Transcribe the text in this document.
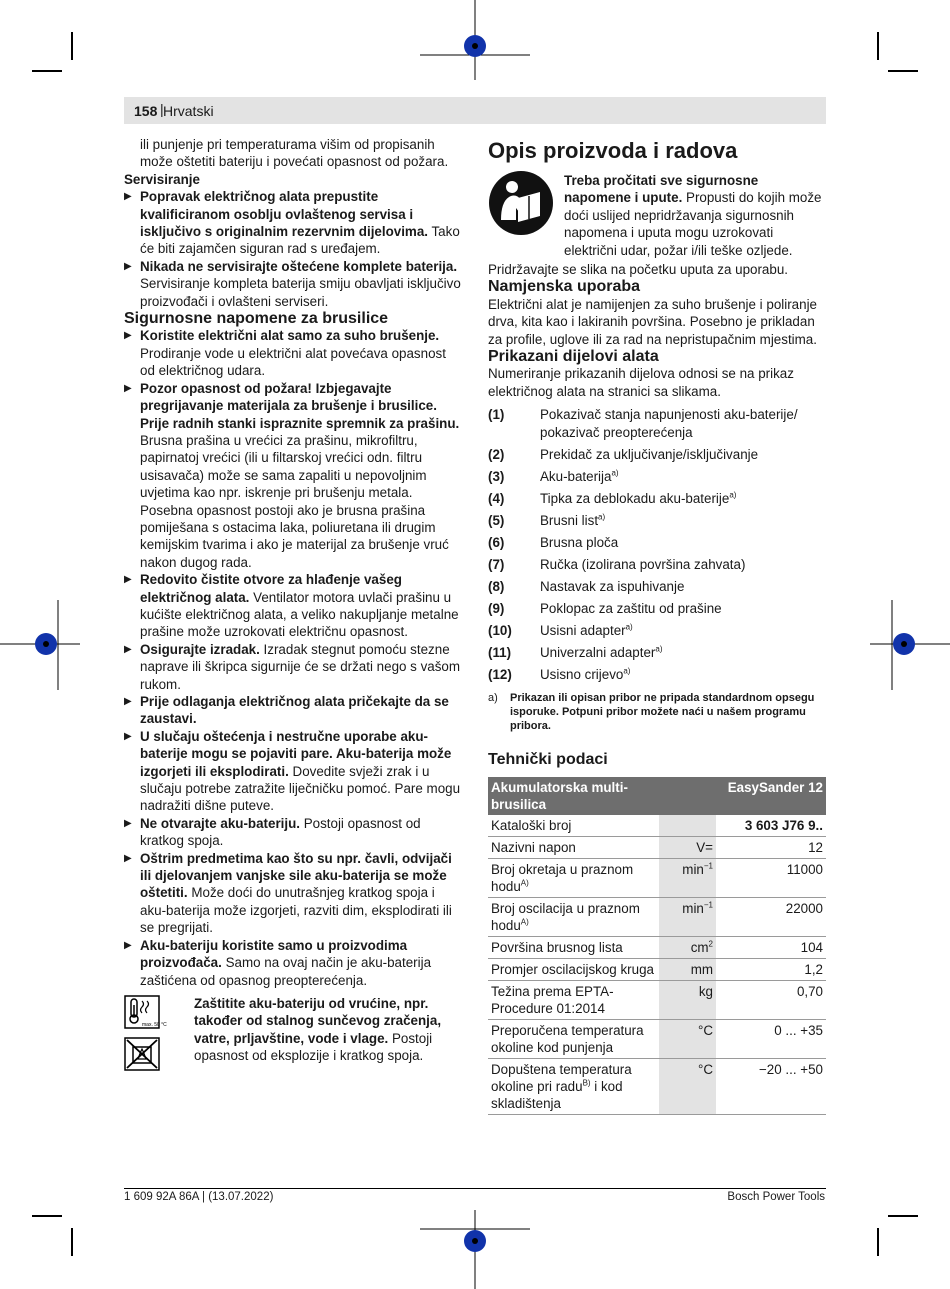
158 | Hrvatski

ili punjenje pri temperaturama višim od propisanih može oštetiti bateriju i povećati opasnost od požara.

Servisiranje

▶ Popravak električnog alata prepustite kvalificiranom osoblju ovlaštenog servisa i isključivo s originalnim rezervnim dijelovima. Tako će biti zajamčen siguran rad s uređajem.

▶ Nikada ne servisirajte oštećene komplete baterija. Servisiranje kompleta baterija smiju obavljati isključivo proizvođači i ovlašteni serviseri.

Sigurnosne napomene za brusilice

▶ Koristite električni alat samo za suho brušenje. Prodiranje vode u električni alat povećava opasnost od električnog udara.

▶ Pozor opasnost od požara! Izbjegavajte pregrijavanje materijala za brušenje i brusilice. Prije radnih stanki ispraznite spremnik za prašinu. Brusna prašina u vrećici za prašinu, mikrofiltru, papirnatoj vrećici (ili u filtarskoj vrećici odn. filtru usisavača) može se sama zapaliti u nepovoljnim uvjetima kao npr. iskrenje pri brušenju metala. Posebna opasnost postoji ako je brusna prašina pomiješana s ostacima laka, poliuretana ili drugim kemijskim tvarima i ako je materijal za brušenje vruć nakon dugog rada.

▶ Redovito čistite otvore za hlađenje vašeg električnog alata. Ventilator motora uvlači prašinu u kućište električnog alata, a veliko nakupljanje metalne prašine može uzrokovati električnu opasnost.

▶ Osigurajte izradak. Izradak stegnut pomoću stezne naprave ili škripca sigurnije će se držati nego s vašom rukom.

▶ Prije odlaganja električnog alata pričekajte da se zaustavi.

▶ U slučaju oštećenja i nestručne uporabe aku-baterije mogu se pojaviti pare. Aku-baterija može izgorjeti ili eksplodirati. Dovedite svježi zrak i u slučaju potrebe zatražite liječničku pomoć. Pare mogu nadražiti dišne puteve.

▶ Ne otvarajte aku-bateriju. Postoji opasnost od kratkog spoja.

▶ Oštrim predmetima kao što su npr. čavli, odvijači ili djelovanjem vanjske sile aku-baterija se može oštetiti. Može doći do unutrašnjeg kratkog spoja i aku-baterija može izgorjeti, razviti dim, eksplodirati ili se pregrijati.

▶ Aku-bateriju koristite samo u proizvodima proizvođača. Samo na ovaj način je aku-baterija zaštićena od opasnog preopterećenja.

max. 50 °C

Zaštitite aku-bateriju od vrućine, npr. također od stalnog sunčevog zračenja, vatre, prljavštine, vode i vlage. Postoji opasnost od eksplozije i kratkog spoja.

Opis proizvoda i radova

Treba pročitati sve sigurnosne napomene i upute. Propusti do kojih može doći uslijed nepridržavanja sigurnosnih napomena i uputa mogu uzrokovati električni udar, požar i/ili teške ozljede.

Pridržavajte se slika na početku uputa za uporabu.

Namjenska uporaba

Električni alat je namijenjen za suho brušenje i poliranje drva, kita kao i lakiranih površina. Posebno je prikladan za profile, uglove ili za rad na nepristupačnim mjestima.

Prikazani dijelovi alata

Numeriranje prikazanih dijelova odnosi se na prikaz električnog alata na stranici sa slikama.

(1)	Pokazivač stanja napunjenosti aku-baterije/ pokazivač preopterećenja
(2)	Prekidač za uključivanje/isključivanje
(3)	Aku-baterija$^{a)}$
(4)	Tipka za deblokadu aku-baterije$^{a)}$
(5)	Brusni list$^{a)}$
(6)	Brusna ploča
(7)	Ručka (izolirana površina zahvata)
(8)	Nastavak za ispuhivanje
(9)	Poklopac za zaštitu od prašine
(10)	Usisni adapter$^{a)}$
(11)	Univerzalni adapter$^{a)}$
(12)	Usisno crijevo$^{a)}$
a)	Prikazan ili opisan pribor ne pripada standardnom opsegu isporuke. Potpuni pribor možete naći u našem programu pribora.

Tehnički podaci

Akumulatorska multi-brusilica		EasySander 12
Kataloški broj		3 603 J76 9..
Nazivni napon	V=	12
Broj okretaja u praznom hodu$^{A)}$	$\min^{-1}$	11000
Broj oscilacija u praznom hodu$^{A)}$	$\min^{-1}$	22000
Površina brusnog lista	$cm^2$	104
Promjer oscilacijskog kruga	mm	1,2
Težina prema EPTA-Procedure 01:2014	kg	0,70
Preporučena temperatura okoline kod punjenja	°C	0 ... +35
Dopuštena temperatura okoline pri radu$^{B)}$ i kod skladištenja	°C	−20 ... +50
1 609 92A 86A | (13.07.2022)	Bosch Power Tools
